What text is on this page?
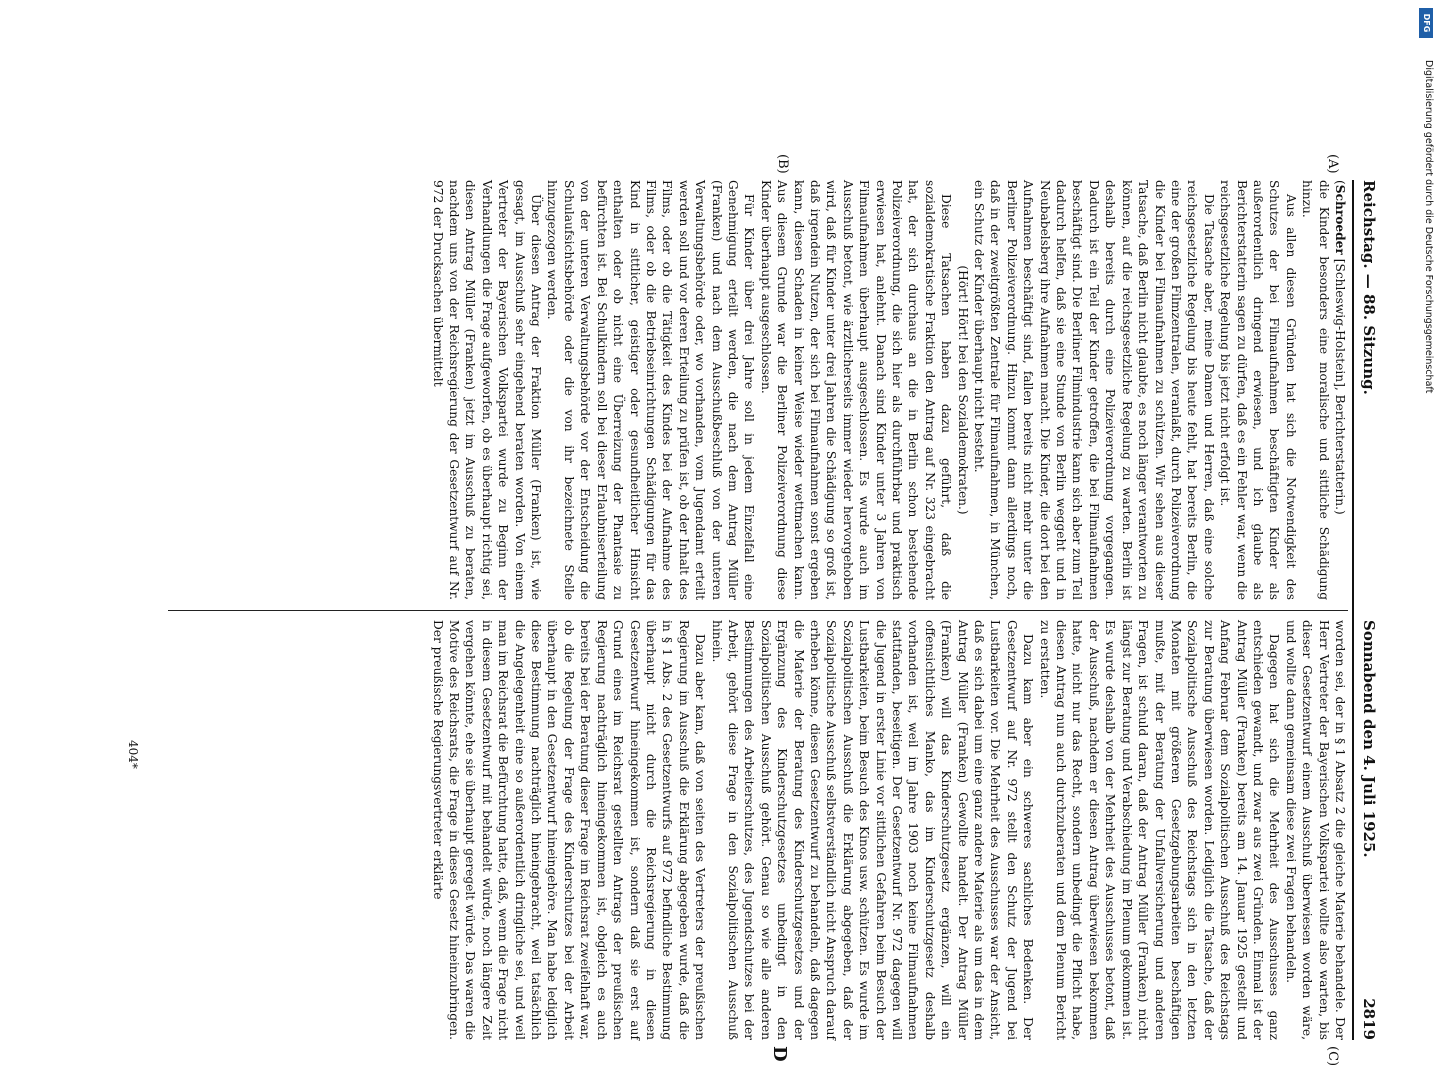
Reichstag. — 88. Sitzung.
Sonnabend den 4. Juli 1925.
2819

(Schroeder [Schleswig-Holstein], Berichterstatterin.)

die Kinder besonders eine moralische und sittliche Schädigung hinzu.

Aus allen diesen Gründen hat sich die Notwendigkeit des Schutzes der bei Filmaufnahmen beschäftigten Kinder als außerordentlich dringend erwiesen, und ich glaube als Berichterstatterin sagen zu dürfen, daß es ein Fehler war, wenn die reichsgesetzliche Regelung bis jetzt nicht erfolgt ist.

Die Tatsache aber, meine Damen und Herren, daß eine solche reichsgesetzliche Regelung bis heute fehlt, hat bereits Berlin, die eine der großen Filmzentralen, veranlaßt, durch Polizeiverordnung die Kinder bei Filmaufnahmen zu schützen. Wir sehen aus dieser Tatsache, daß Berlin nicht glaubte, es noch länger verantworten zu können, auf die reichsgesetzliche Regelung zu warten. Berlin ist deshalb bereits durch eine Polizeiverordnung vorgegangen. Dadurch ist ein Teil der Kinder getroffen, die bei Filmaufnahmen beschäftigt sind. Die Berliner Filmindustrie kann sich aber zum Teil dadurch helfen, daß sie eine Stunde von Berlin weggeht und in Neubabelsberg ihre Aufnahmen macht. Die Kinder, die dort bei den Aufnahmen beschäftigt sind, fallen bereits nicht mehr unter die Berliner Polizeiverordnung. Hinzu kommt dann allerdings noch, daß in der zweitgrößten Zentrale für Filmaufnahmen, in München, ein Schutz der Kinder überhaupt nicht besteht.

(Hört! Hört! bei den Sozialdemokraten.)

Diese Tatsachen haben dazu geführt, daß die sozialdemokratische Fraktion den Antrag auf Nr. 323 eingebracht hat, der sich durchaus an die in Berlin schon bestehende Polizeiverordnung, die sich hier als durchführbar und praktisch erwiesen hat, anlehnt. Danach sind Kinder unter 3 Jahren von Filmaufnahmen überhaupt ausgeschlossen. Es wurde auch im Ausschuß betont, wie ärztlicherseits immer wieder hervorgehoben wird, daß für Kinder unter drei Jahren die Schädigung so groß ist, daß irgendein Nutzen, der sich bei Filmaufnahmen sonst ergeben kann, diesen Schaden in keiner Weise wieder wettmachen kann. Aus diesem Grunde war die Berliner Polizeiverordnung diese Kinder überhaupt ausgeschlossen.

Für Kinder über drei Jahre soll in jedem Einzelfall eine Genehmigung erteilt werden, die nach dem Antrag Müller (Franken) und nach dem Ausschußbeschluß von der unteren Verwaltungsbehörde oder, wo vorhanden, vom Jugendamt erteilt werden soll und vor deren Erteilung zu prüfen ist, ob der Inhalt des Films, oder ob die Tätigkeit des Kindes bei der Aufnahme des Films, oder ob die Betriebseinrichtungen Schädigungen für das Kind in sittlicher, geistiger oder gesundheitlicher Hinsicht enthalten oder ob nicht eine Überreizung der Phantasie zu befürchten ist. Bei Schulkindern soll bei dieser Erlaubniserteilung von der unteren Verwaltungsbehörde vor der Entscheidung die Schulaufsichtsbehörde oder die von ihr bezeichnete Stelle hinzugezogen werden.

Über diesen Antrag der Fraktion Müller (Franken) ist, wie gesagt, im Ausschuß sehr eingehend beraten worden. Von einem Vertreter der Bayerischen Volkspartei wurde zu Beginn der Verhandlungen die Frage aufgeworfen, ob es überhaupt richtig sei, diesen Antrag Müller (Franken) jetzt im Ausschuß zu beraten, nachdem uns von der Reichsregierung der Gesetzentwurf auf Nr. 972 der Drucksachen übermittelt

worden sei, der in § 1 Absatz 2 die gleiche Materie behandele. Der Herr Vertreter der Bayerischen Volkspartei wollte also warten, bis dieser Gesetzentwurf einem Ausschuß überwiesen worden wäre, und wollte dann gemeinsam diese zwei Fragen behandeln.

Dagegen hat sich die Mehrheit des Ausschusses ganz entschieden gewandt, und zwar aus zwei Gründen. Einmal ist der Antrag Müller (Franken) bereits am 14. Januar 1925 gestellt und Anfang Februar dem Sozialpolitischen Ausschuß des Reichstags zur Beratung überwiesen worden. Lediglich die Tatsache, daß der Sozialpolitische Ausschuß des Reichstags sich in den letzten Monaten mit größeren Gesetzgebungsarbeiten beschäftigen mußte, mit der Beratung der Unfallversicherung und anderen Fragen, ist schuld daran, daß der Antrag Müller (Franken) nicht längst zur Beratung und Verabschiedung im Plenum gekommen ist. Es wurde deshalb von der Mehrheit des Ausschusses betont, daß der Ausschuß, nachdem er diesen Antrag überwiesen bekommen hatte, nicht nur das Recht, sondern unbedingt die Pflicht habe, diesen Antrag nun auch durchzuberaten und dem Plenum Bericht zu erstatten.

Dazu kam aber ein schweres sachliches Bedenken. Der Gesetzentwurf auf Nr. 972 stellt den Schutz der Jugend bei Lustbarkeiten vor. Die Mehrheit des Ausschusses war der Ansicht, daß es sich dabei um eine ganz andere Materie als um das in dem Antrag Müller (Franken) Gewollte handelt. Der Antrag Müller (Franken) will das Kinderschutzgesetz ergänzen, will ein offensichtliches Manko, das im Kinderschutzgesetz deshalb vorhanden ist, weil im Jahre 1903 noch keine Filmaufnahmen stattfanden, beseitigen. Der Gesetzentwurf Nr. 972 dagegen will die Jugend in erster Linie vor sittlichen Gefahren beim Besuch der Lustbarkeiten, beim Besuch des Kinos usw. schützen. Es wurde im Sozialpolitischen Ausschuß die Erklärung abgegeben, daß der Sozialpolitische Ausschuß selbstverständlich nicht Anspruch darauf erheben könne, diesen Gesetzentwurf zu behandeln, daß dagegen die Materie der Beratung des Kinderschutzgesetzes und der Ergänzung des Kinderschutzgesetzes unbedingt in den Sozialpolitischen Ausschuß gehört. Genau so wie alle anderen Bestimmungen des Arbeiterschutzes, des Jugendschutzes bei der Arbeit, gehört diese Frage in den Sozialpolitischen Ausschuß hinein.

Dazu aber kam, daß von seiten des Vertreters der preußischen Regierung im Ausschuß die Erklärung abgegeben wurde, daß die in § 1 Abs. 2 des Gesetzentwurfs auf 972 befindliche Bestimmung überhaupt nicht durch die Reichsregierung in diesen Gesetzentwurf hineingekommen ist, sondern daß sie erst auf Grund eines im Reichsrat gestellten Antrags der preußischen Regierung nachträglich hineingekommen ist, obgleich es auch bereits bei der Beratung dieser Frage im Reichsrat zweifelhaft war, ob die Regelung der Frage des Kinderschutzes bei der Arbeit überhaupt in den Gesetzentwurf hineingehöre. Man habe lediglich diese Bestimmung nachträglich hineingebracht, weil tatsächlich die Angelegenheit eine so außerordentlich dringliche sei, und weil man im Reichsrat die Befürchtung hatte, daß, wenn die Frage nicht in diesem Gesetzentwurf mit behandelt würde, noch längere Zeit vergehen könnte, ehe sie überhaupt geregelt würde. Das waren die Motive des Reichsrats, die Frage in dieses Gesetz hineinzubringen. Der preußische Regierungsvertreter erklärte

(A)
(B)
(C)
D
404*
DFG
Digitalisierung gefördert durch die Deutsche Forschungsgemeinschaft
